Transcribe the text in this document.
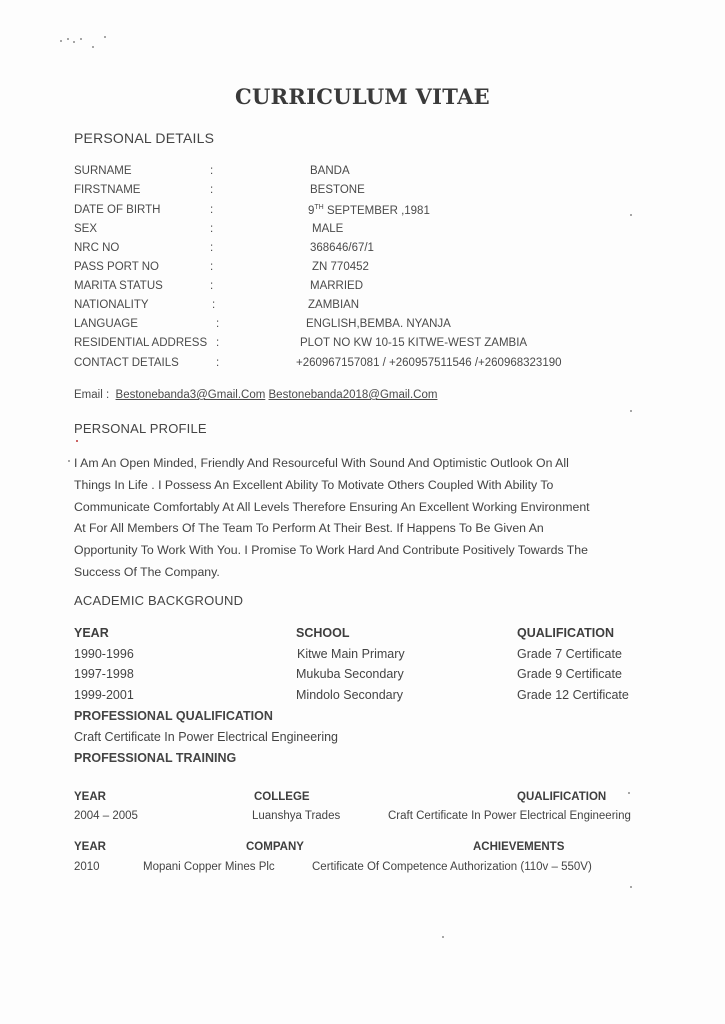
CURRICULUM VITAE
PERSONAL DETAILS
SURNAME	:	BANDA
FIRSTNAME	:	BESTONE
DATE OF BIRTH	:	9TH SEPTEMBER ,1981
SEX	:	MALE
NRC NO	:	368646/67/1
PASS PORT NO	:	ZN 770452
MARITA STATUS	:	MARRIED
NATIONALITY	:	ZAMBIAN
LANGUAGE	:	ENGLISH,BEMBA. NYANJA
RESIDENTIAL ADDRESS :	PLOT NO KW 10-15 KITWE-WEST ZAMBIA
CONTACT DETAILS	:	+260967157081 / +260957511546 /+260968323190
Email : Bestonebanda3@Gmail.Com Bestonebanda2018@Gmail.Com
PERSONAL PROFILE
I Am An Open Minded, Friendly And Resourceful With Sound And Optimistic Outlook On All
Things In Life . I Possess An Excellent Ability To Motivate Others Coupled With Ability To
Communicate Comfortably At All Levels Therefore Ensuring An Excellent Working Environment
At For All Members Of The Team To Perform At Their Best. If Happens To Be Given An
Opportunity To Work With You. I Promise To Work Hard And Contribute Positively Towards The
Success Of The Company.
ACADEMIC BACKGROUND
YEAR	SCHOOL	QUALIFICATION
1990-1996	Kitwe Main Primary	Grade 7 Certificate
1997-1998	Mukuba Secondary	Grade 9 Certificate
1999-2001	Mindolo Secondary	Grade 12 Certificate
PROFESSIONAL QUALIFICATION
Craft Certificate In Power Electrical Engineering
PROFESSIONAL TRAINING
YEAR	COLLEGE	QUALIFICATION
2004 – 2005	Luanshya Trades	Craft Certificate In Power Electrical Engineering
YEAR	COMPANY	ACHIEVEMENTS
2010	Mopani Copper Mines Plc	Certificate Of Competence Authorization (110v – 550V)
